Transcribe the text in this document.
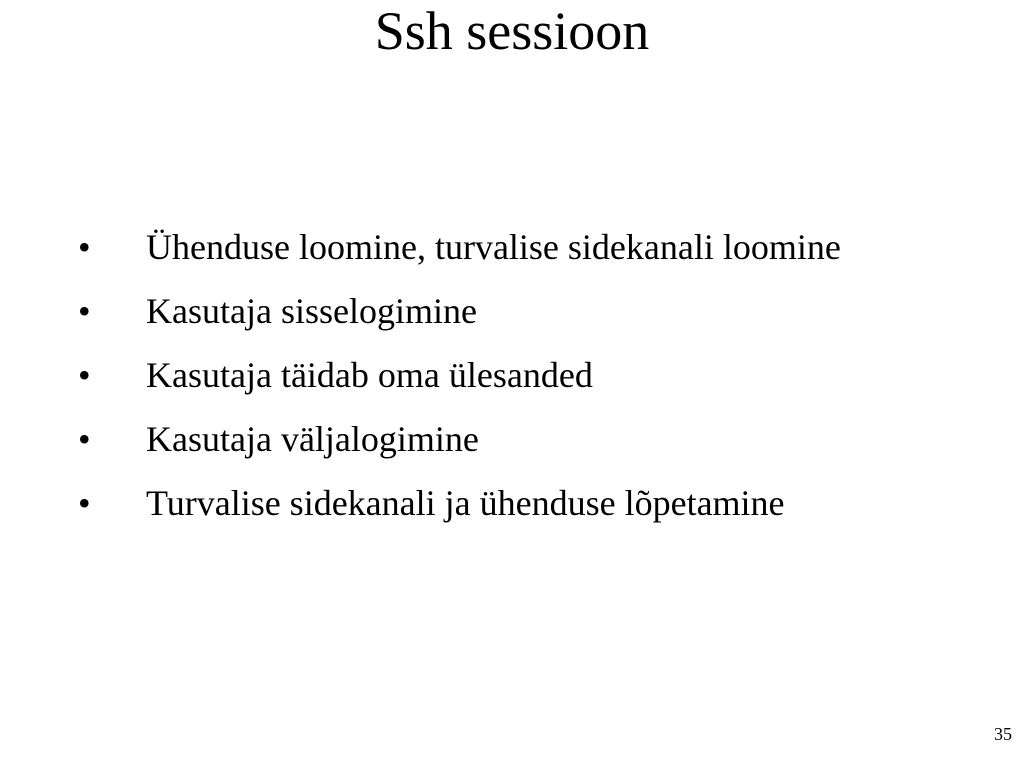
Ssh sessioon
•	Ühenduse loomine, turvalise sidekanali loomine
•	Kasutaja sisselogimine
•	Kasutaja täidab oma ülesanded
•	Kasutaja väljalogimine
•	Turvalise sidekanali ja ühenduse lõpetamine
35
